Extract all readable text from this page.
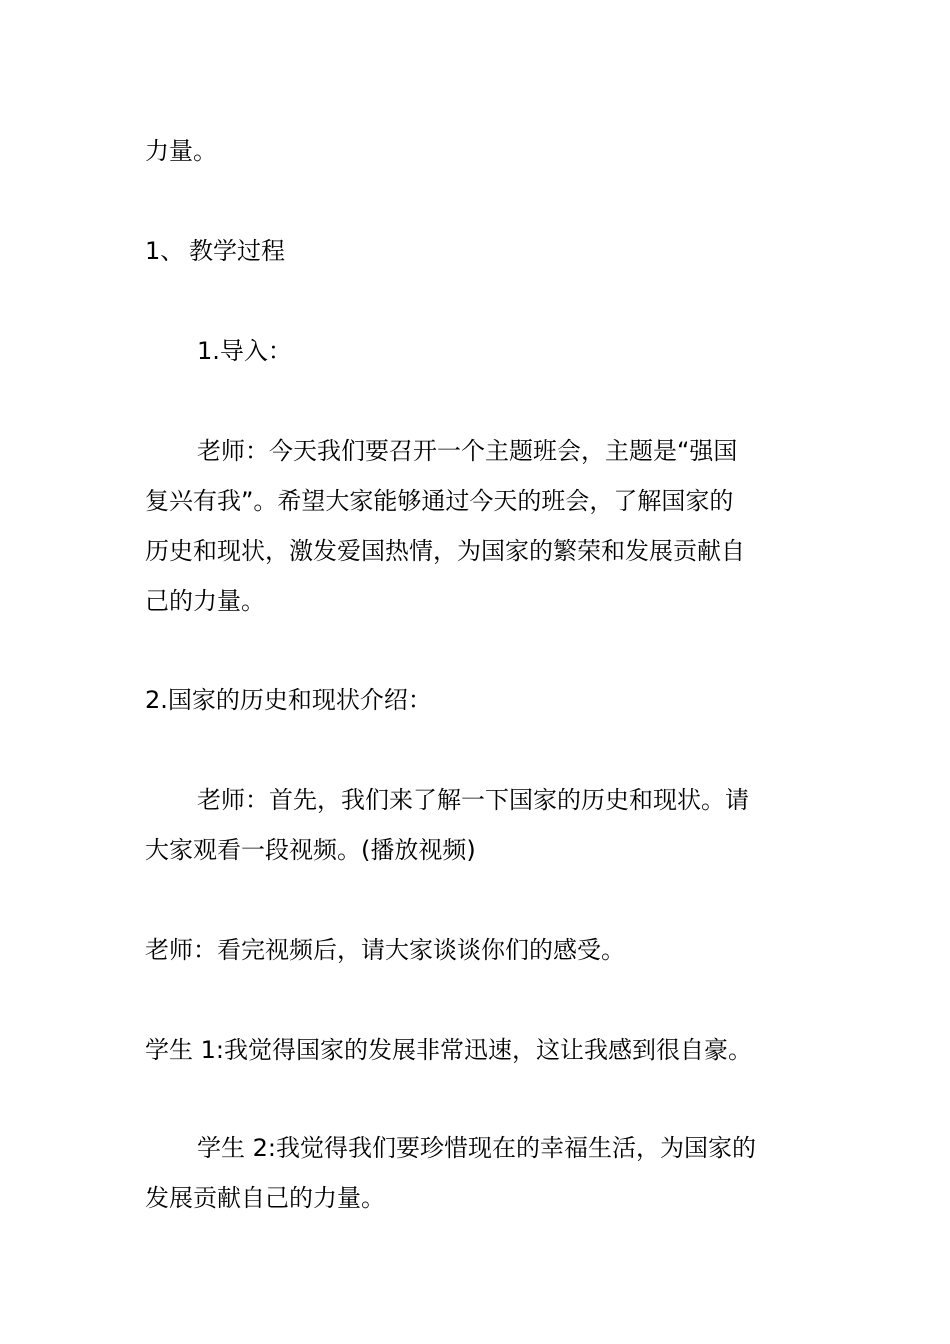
力量。
1、 教学过程
1.导入：
老师：今天我们要召开一个主题班会，主题是“强国
复兴有我”。希望大家能够通过今天的班会，了解国家的
历史和现状，激发爱国热情，为国家的繁荣和发展贡献自
己的力量。
2.国家的历史和现状介绍：
老师：首先，我们来了解一下国家的历史和现状。请
大家观看一段视频。(播放视频)
老师：看完视频后，请大家谈谈你们的感受。
学生 1:我觉得国家的发展非常迅速，这让我感到很自豪。
学生 2:我觉得我们要珍惜现在的幸福生活，为国家的
发展贡献自己的力量。
